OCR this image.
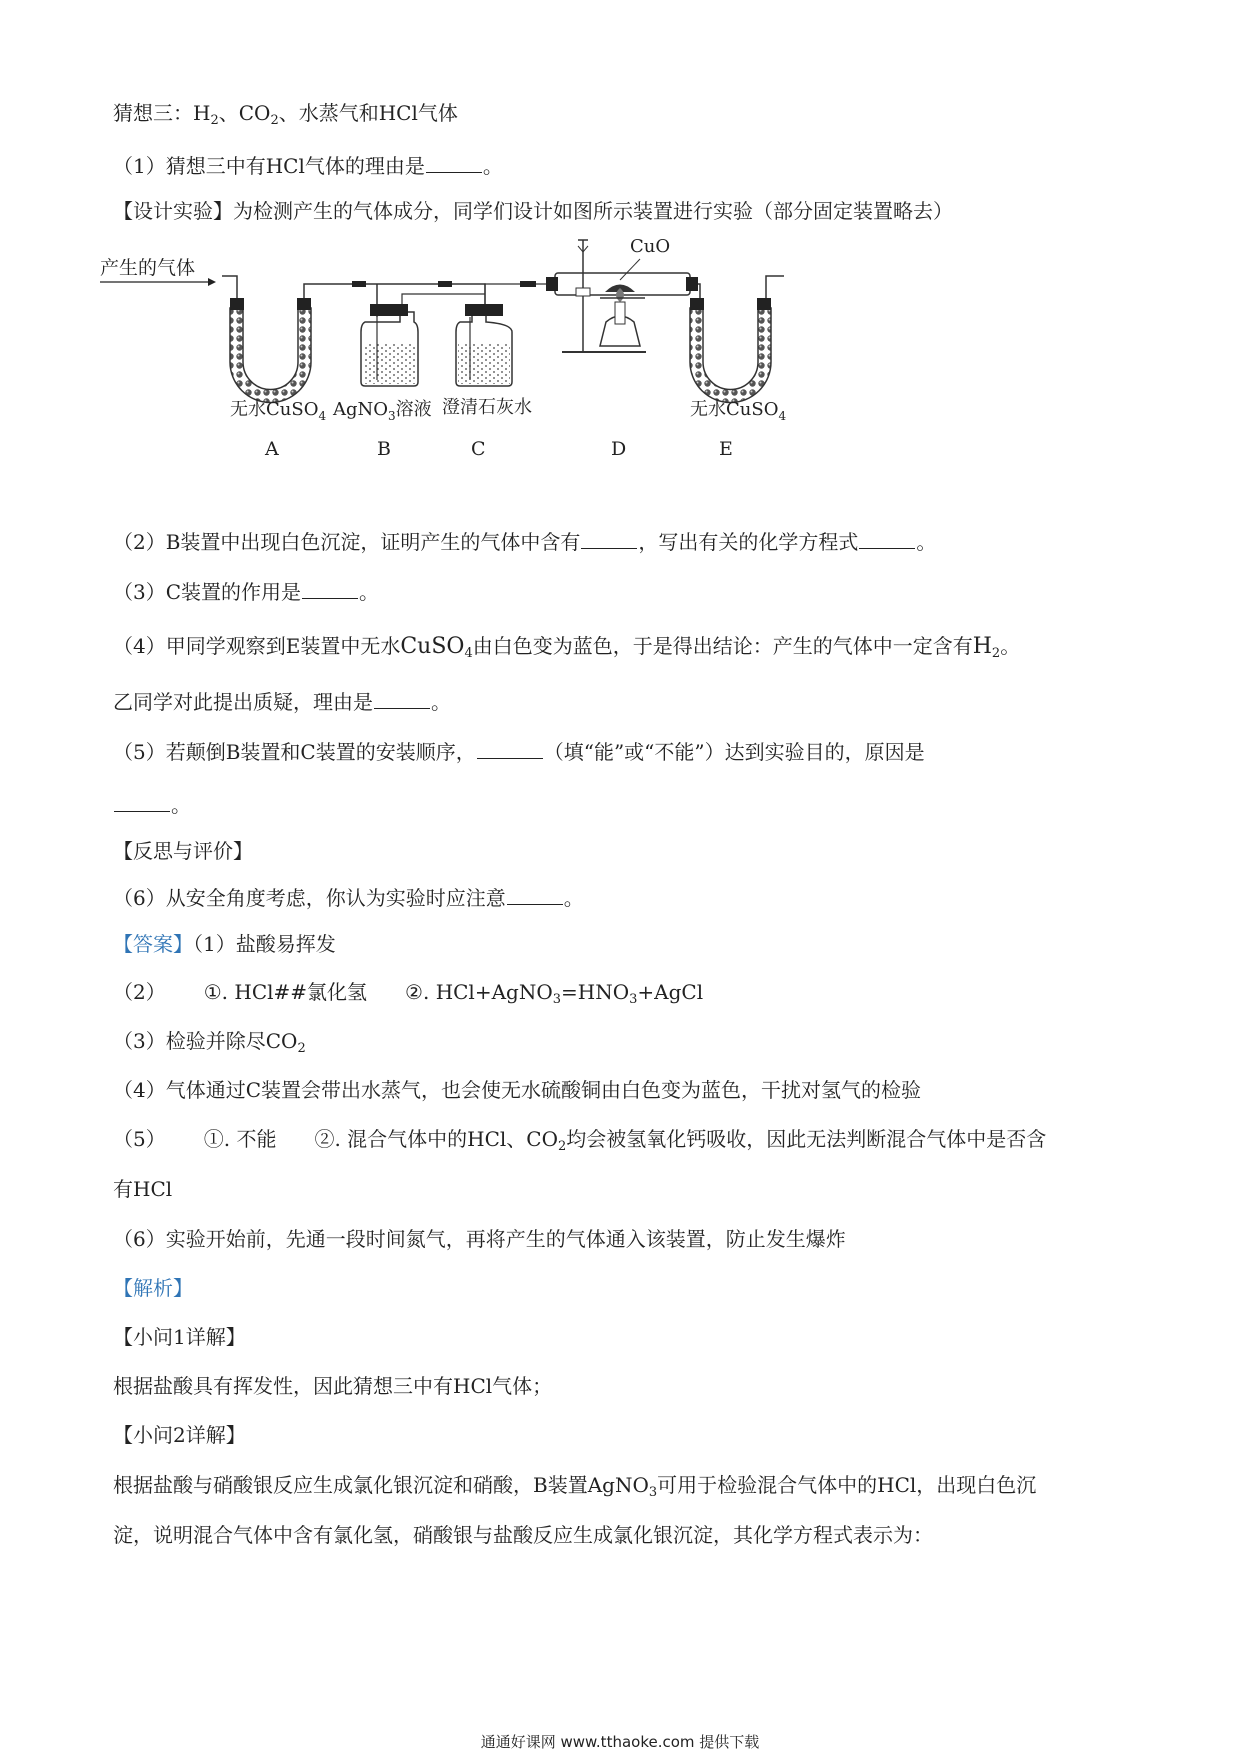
猜想三：$H_2$、$CO_2$、水蒸气和HCl气体
（1）猜想三中有HCl气体的理由是	。
【设计实验】为检测产生的气体成分，同学们设计如图所示装置进行实验（部分固定装置略去）
产生的气体
CuO
无水CuSO$_4$ AgNO$_3$溶液 澄清石灰水	无水CuSO$_4$
A	B	C	D	E
（2）B装置中出现白色沉淀，证明产生的气体中含有	，写出有关的化学方程式	。
（3）C装置的作用是	。
（4）甲同学观察到E装置中无水CuSO$_4$由白色变为蓝色，于是得出结论：产生的气体中一定含有$H_2$。
乙同学对此提出质疑，理由是	。
（5）若颠倒B装置和C装置的安装顺序，	（填“能”或“不能”）达到实验目的，原因是
。
【反思与评价】
（6）从安全角度考虑，你认为实验时应注意	。
【答案】（1）盐酸易挥发
（2） ①. HCl##氯化氢 ②. $HCl+AgNO_3=HNO_3+AgCl$
（3）检验并除尽$CO_2$
（4）气体通过C装置会带出水蒸气，也会使无水硫酸铜由白色变为蓝色，干扰对氢气的检验
（5） ①. 不能 ②. 混合气体中的HCl、$CO_2$均会被氢氧化钙吸收，因此无法判断混合气体中是否含
有HCl
（6）实验开始前，先通一段时间氮气，再将产生的气体通入该装置，防止发生爆炸
【解析】
【小问1详解】
根据盐酸具有挥发性，因此猜想三中有HCl气体；
【小问2详解】
根据盐酸与硝酸银反应生成氯化银沉淀和硝酸，B装置AgNO$_3$可用于检验混合气体中的HCl，出现白色沉
淀，说明混合气体中含有氯化氢，硝酸银与盐酸反应生成氯化银沉淀，其化学方程式表示为：
通通好课网 www.tthaoke.com 提供下载
